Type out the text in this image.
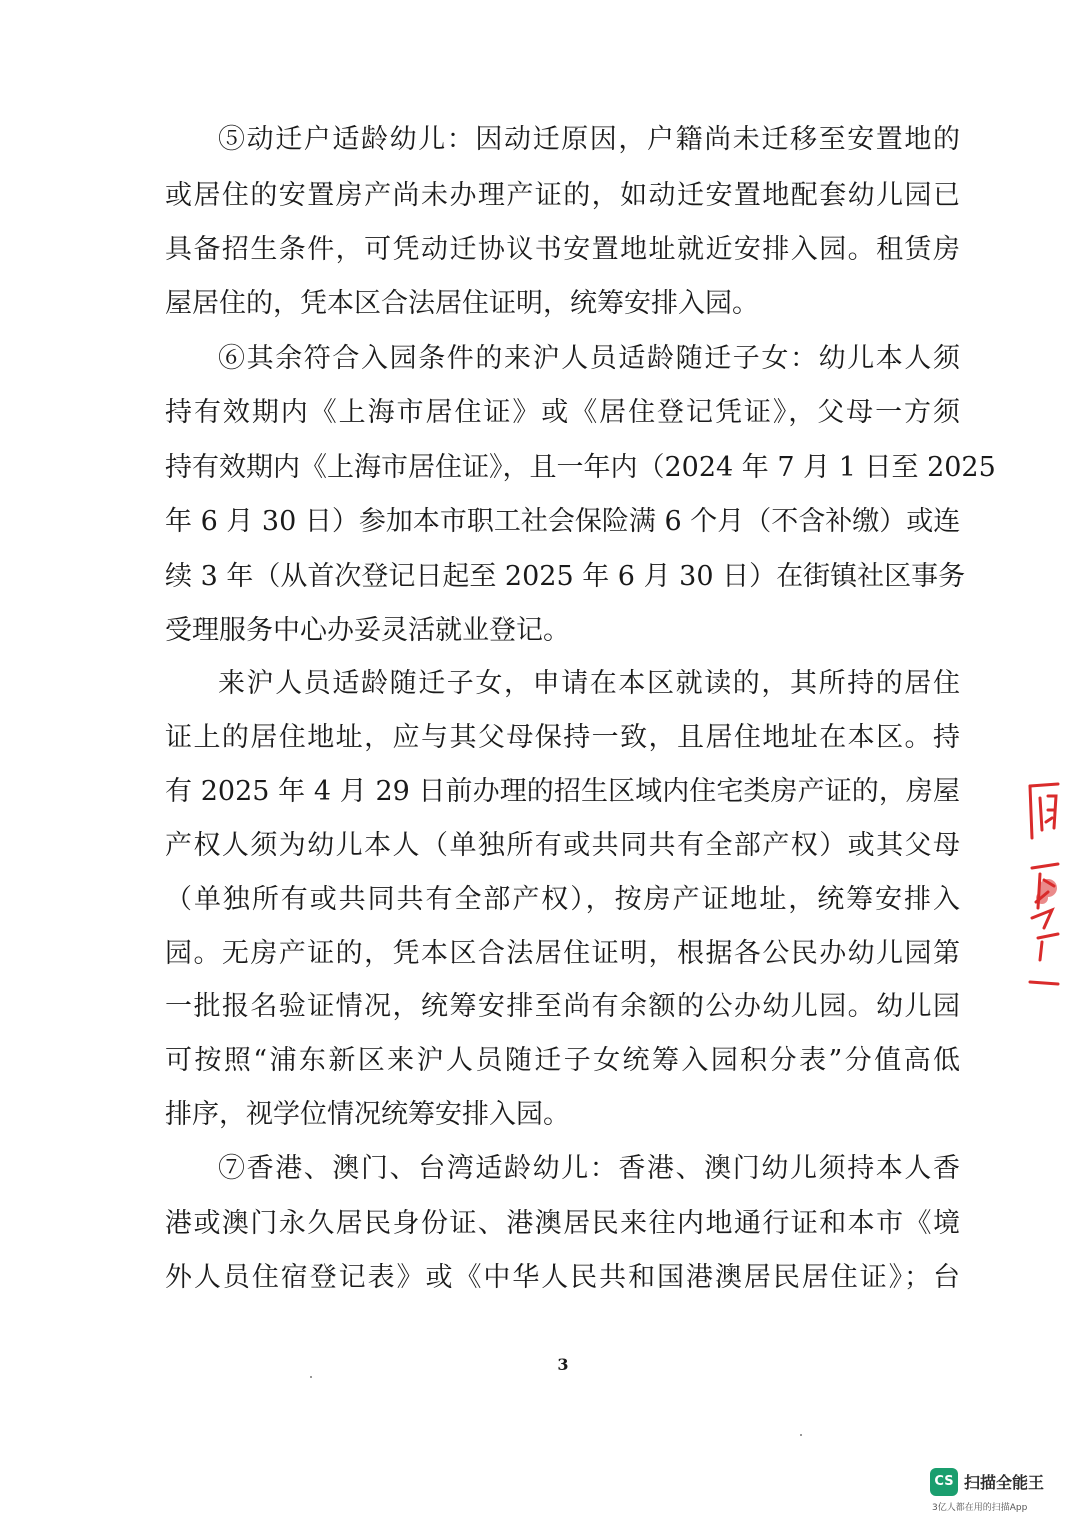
⑤动迁户适龄幼儿：因动迁原因，户籍尚未迁移至安置地的
或居住的安置房产尚未办理产证的，如动迁安置地配套幼儿园已
具备招生条件，可凭动迁协议书安置地址就近安排入园。租赁房
屋居住的，凭本区合法居住证明，统筹安排入园。
⑥其余符合入园条件的来沪人员适龄随迁子女：幼儿本人须
持有效期内《上海市居住证》或《居住登记凭证》，父母一方须
持有效期内《上海市居住证》，且一年内（2024 年 7 月 1 日至 2025
年 6 月 30 日）参加本市职工社会保险满 6 个月（不含补缴）或连
续 3 年（从首次登记日起至 2025 年 6 月 30 日）在街镇社区事务
受理服务中心办妥灵活就业登记。
来沪人员适龄随迁子女，申请在本区就读的，其所持的居住
证上的居住地址，应与其父母保持一致，且居住地址在本区。持
有 2025 年 4 月 29 日前办理的招生区域内住宅类房产证的，房屋
产权人须为幼儿本人（单独所有或共同共有全部产权）或其父母
（单独所有或共同共有全部产权），按房产证地址，统筹安排入
园。无房产证的，凭本区合法居住证明，根据各公民办幼儿园第
一批报名验证情况，统筹安排至尚有余额的公办幼儿园。幼儿园
可按照“浦东新区来沪人员随迁子女统筹入园积分表”分值高低
排序，视学位情况统筹安排入园。
⑦香港、澳门、台湾适龄幼儿：香港、澳门幼儿须持本人香
港或澳门永久居民身份证、港澳居民来往内地通行证和本市《境
外人员住宿登记表》或《中华人民共和国港澳居民居住证》；台
3
CS 扫描全能王
3亿人都在用的扫描App
